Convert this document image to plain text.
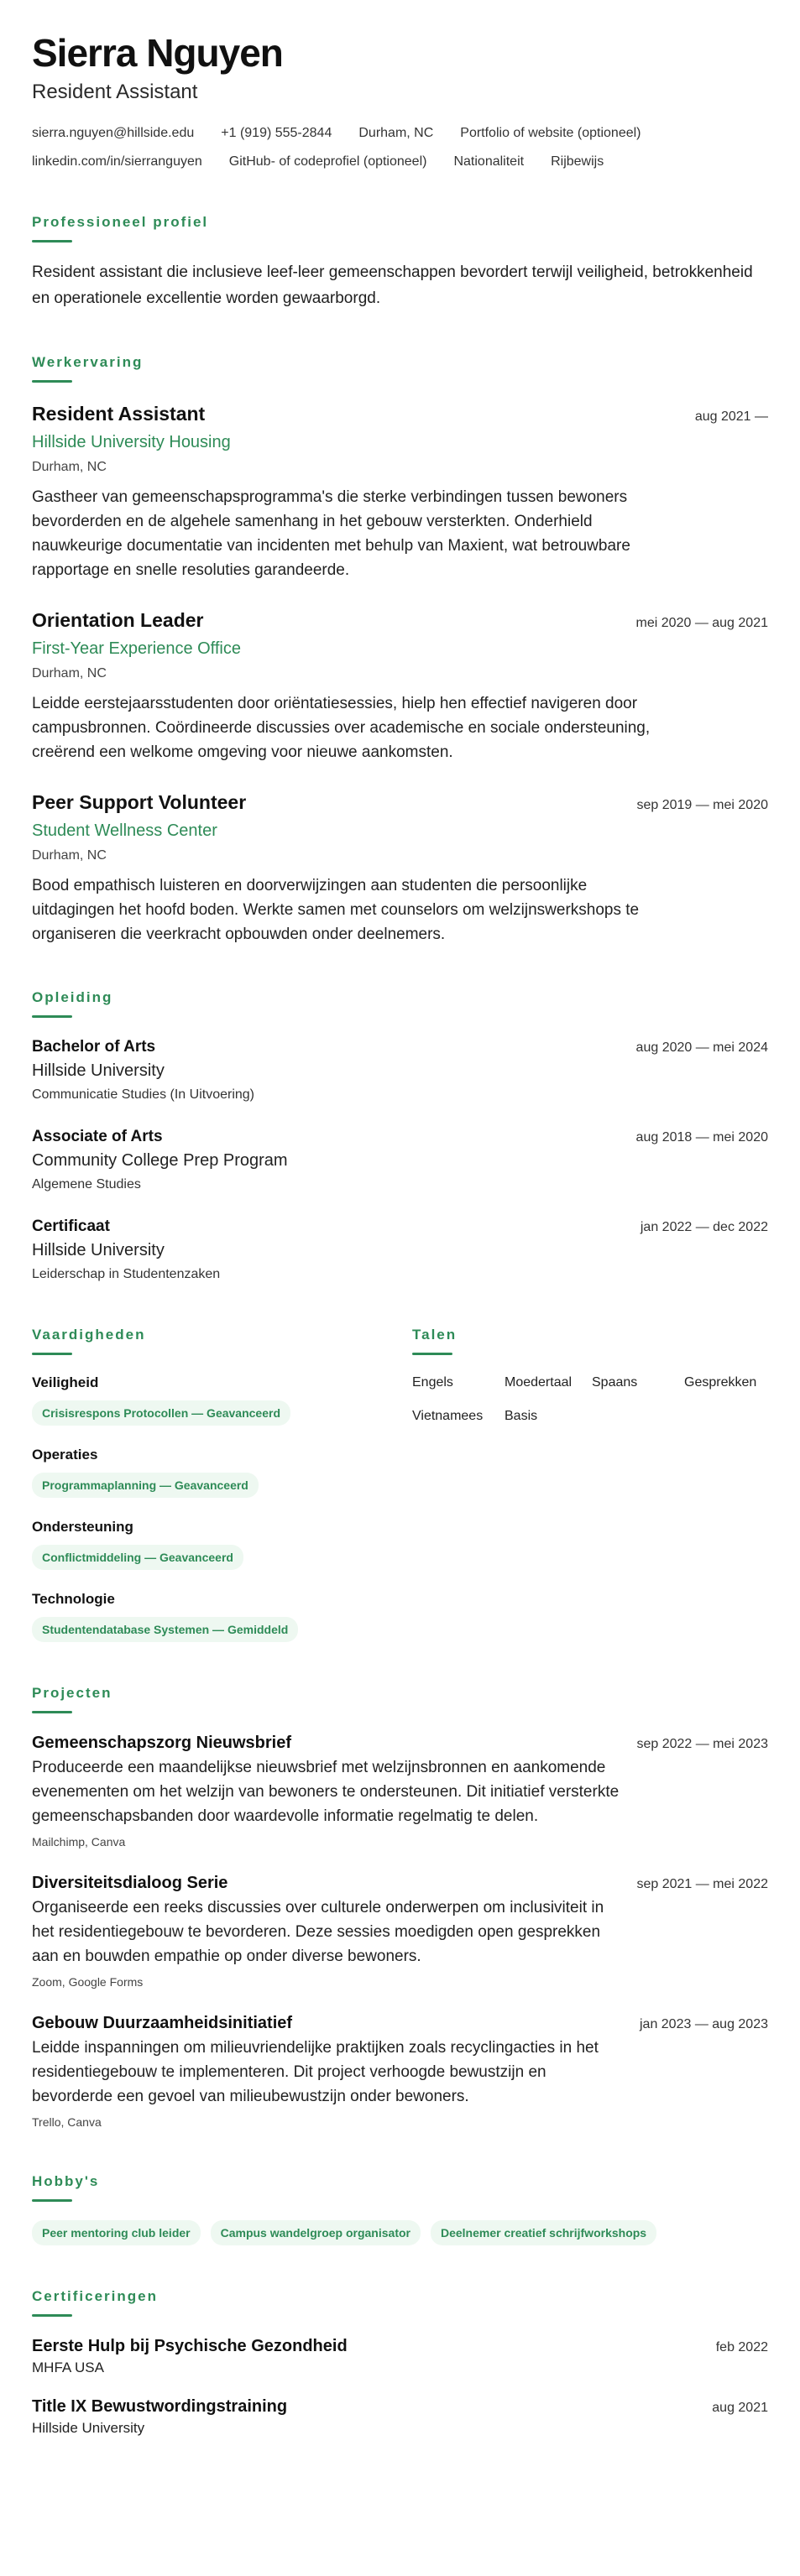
Sierra Nguyen
Resident Assistant
sierra.nguyen@hillside.edu +1 (919) 555-2844 Durham, NC Portfolio of website (optioneel)
linkedin.com/in/sierranguyen GitHub- of codeprofiel (optioneel) Nationaliteit Rijbewijs
Professioneel profiel
Resident assistant die inclusieve leef-leer gemeenschappen bevordert terwijl veiligheid, betrokkenheid en operationele excellentie worden gewaarborgd.
Werkervaring
Resident Assistant	aug 2021 —
Hillside University Housing
Durham, NC
Gastheer van gemeenschapsprogramma's die sterke verbindingen tussen bewoners bevorderden en de algehele samenhang in het gebouw versterkten. Onderhield nauwkeurige documentatie van incidenten met behulp van Maxient, wat betrouwbare rapportage en snelle resoluties garandeerde.
Orientation Leader	mei 2020 — aug 2021
First-Year Experience Office
Durham, NC
Leidde eerstejaarsstudenten door oriëntatiesessies, hielp hen effectief navigeren door campusbronnen. Coördineerde discussies over academische en sociale ondersteuning, creërend een welkome omgeving voor nieuwe aankomsten.
Peer Support Volunteer	sep 2019 — mei 2020
Student Wellness Center
Durham, NC
Bood empathisch luisteren en doorverwijzingen aan studenten die persoonlijke uitdagingen het hoofd boden. Werkte samen met counselors om welzijnswerkshops te organiseren die veerkracht opbouwden onder deelnemers.
Opleiding
Bachelor of Arts	aug 2020 — mei 2024
Hillside University
Communicatie Studies (In Uitvoering)
Associate of Arts	aug 2018 — mei 2020
Community College Prep Program
Algemene Studies
Certificaat	jan 2022 — dec 2022
Hillside University
Leiderschap in Studentenzaken
Vaardigheden
Veiligheid
Crisisrespons Protocollen — Geavanceerd
Operaties
Programmaplanning — Geavanceerd
Ondersteuning
Conflictmiddeling — Geavanceerd
Technologie
Studentendatabase Systemen — Gemiddeld
Talen
Engels	Moedertaal	Spaans	Gesprekken
Vietnamees	Basis
Projecten
Gemeenschapszorg Nieuwsbrief	sep 2022 — mei 2023
Produceerde een maandelijkse nieuwsbrief met welzijnsbronnen en aankomende evenementen om het welzijn van bewoners te ondersteunen. Dit initiatief versterkte gemeenschapsbanden door waardevolle informatie regelmatig te delen.
Mailchimp, Canva
Diversiteitsdialoog Serie	sep 2021 — mei 2022
Organiseerde een reeks discussies over culturele onderwerpen om inclusiviteit in het residentiegebouw te bevorderen. Deze sessies moedigden open gesprekken aan en bouwden empathie op onder diverse bewoners.
Zoom, Google Forms
Gebouw Duurzaamheidsinitiatief	jan 2023 — aug 2023
Leidde inspanningen om milieuvriendelijke praktijken zoals recyclingacties in het residentiegebouw te implementeren. Dit project verhoogde bewustzijn en bevorderde een gevoel van milieubewustzijn onder bewoners.
Trello, Canva
Hobby's
Peer mentoring club leider	Campus wandelgroep organisator	Deelnemer creatief schrijfworkshops
Certificeringen
Eerste Hulp bij Psychische Gezondheid	feb 2022
MHFA USA
Title IX Bewustwordingstraining	aug 2021
Hillside University
